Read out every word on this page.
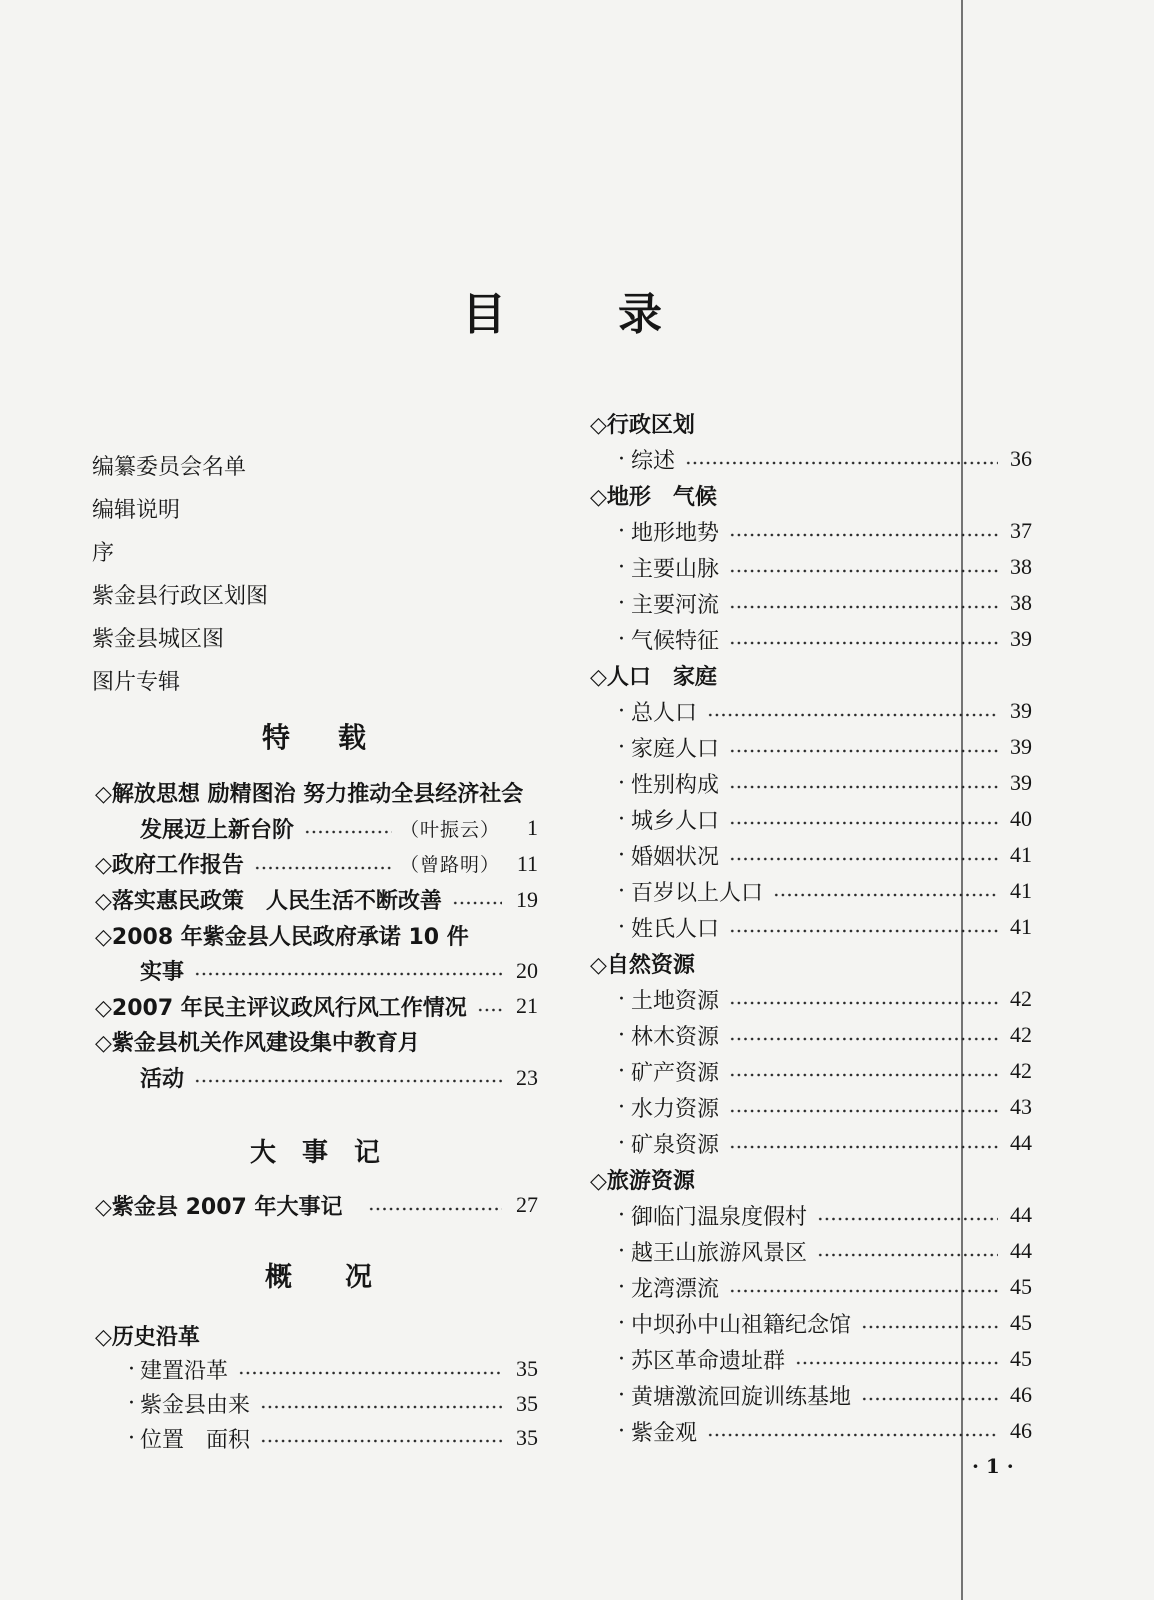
目　　录
编纂委员会名单
编辑说明
序
紫金县行政区划图
紫金县城区图
图片专辑
特　载
◇解放思想 励精图治 努力推动全县经济社会
发展迈上新台阶	（叶振云）	1
◇政府工作报告	（曾路明） 11
◇落实惠民政策　人民生活不断改善	19
◇2008 年紫金县人民政府承诺 10 件
实事	20
◇2007 年民主评议政风行风工作情况 21
◇紫金县机关作风建设集中教育月
活动	23
大　事　记
◇紫金县 2007 年大事记	27
概　况
◇历史沿革
· 建置沿革	35
· 紫金县由来	35
· 位置　面积	35
◇行政区划
· 综述	36
◇地形　气候
· 地形地势	37
· 主要山脉	38
· 主要河流	38
· 气候特征	39
◇人口　家庭
· 总人口	39
· 家庭人口	39
· 性别构成	39
· 城乡人口	40
· 婚姻状况	41
· 百岁以上人口	41
· 姓氏人口	41
◇自然资源
· 土地资源	42
· 林木资源	42
· 矿产资源	42
· 水力资源	43
· 矿泉资源	44
◇旅游资源
· 御临门温泉度假村	44
· 越王山旅游风景区	44
· 龙湾漂流	45
· 中坝孙中山祖籍纪念馆	45
· 苏区革命遗址群	45
· 黄塘激流回旋训练基地	46
· 紫金观	46
· 1 ·
